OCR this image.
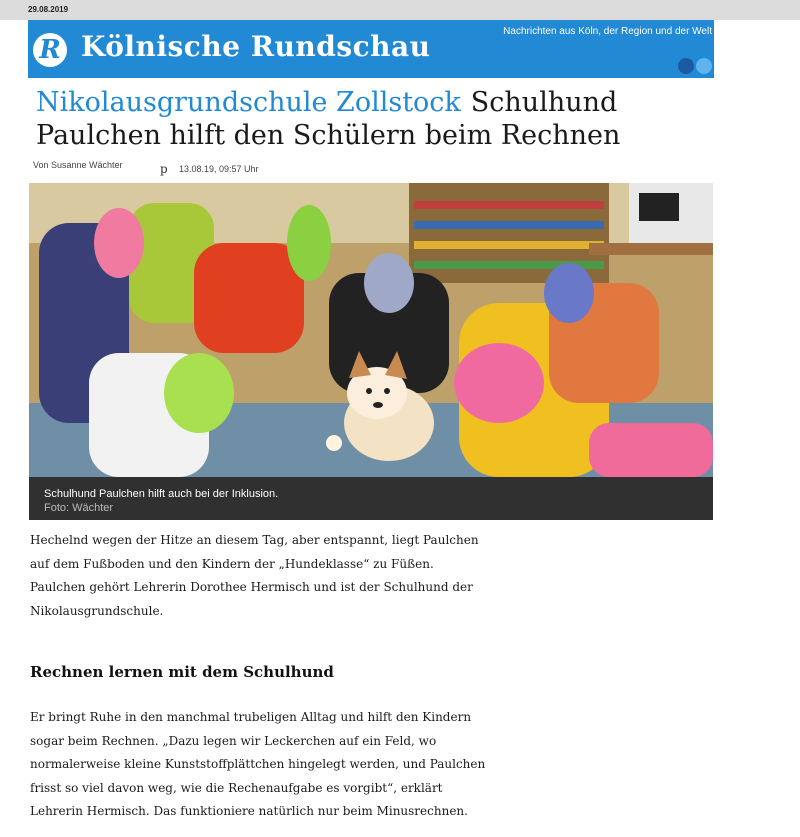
29.08.2019
R Kölnische Rundschau	Nachrichten aus Köln, der Region und der Welt
Nikolausgrundschule Zollstock Schulhund Paulchen hilft den Schülern beim Rechnen
Von Susanne Wächter	p 13.08.19, 09:57 Uhr
Schulhund Paulchen hilft auch bei der Inklusion.
Foto: Wächter

Hechelnd wegen der Hitze an diesem Tag, aber entspannt, liegt Paulchen auf dem Fußboden und den Kindern der „Hundeklasse“ zu Füßen. Paulchen gehört Lehrerin Dorothee Hermisch und ist der Schulhund der Nikolausgrundschule.

Rechnen lernen mit dem Schulhund

Er bringt Ruhe in den manchmal trubeligen Alltag und hilft den Kindern sogar beim Rechnen. „Dazu legen wir Leckerchen auf ein Feld, wo normalerweise kleine Kunststoffplättchen hingelegt werden, und Paulchen frisst so viel davon weg, wie die Rechenaufgabe es vorgibt“, erklärt Lehrerin Hermisch. Das funktioniere natürlich nur beim Minusrechnen.
